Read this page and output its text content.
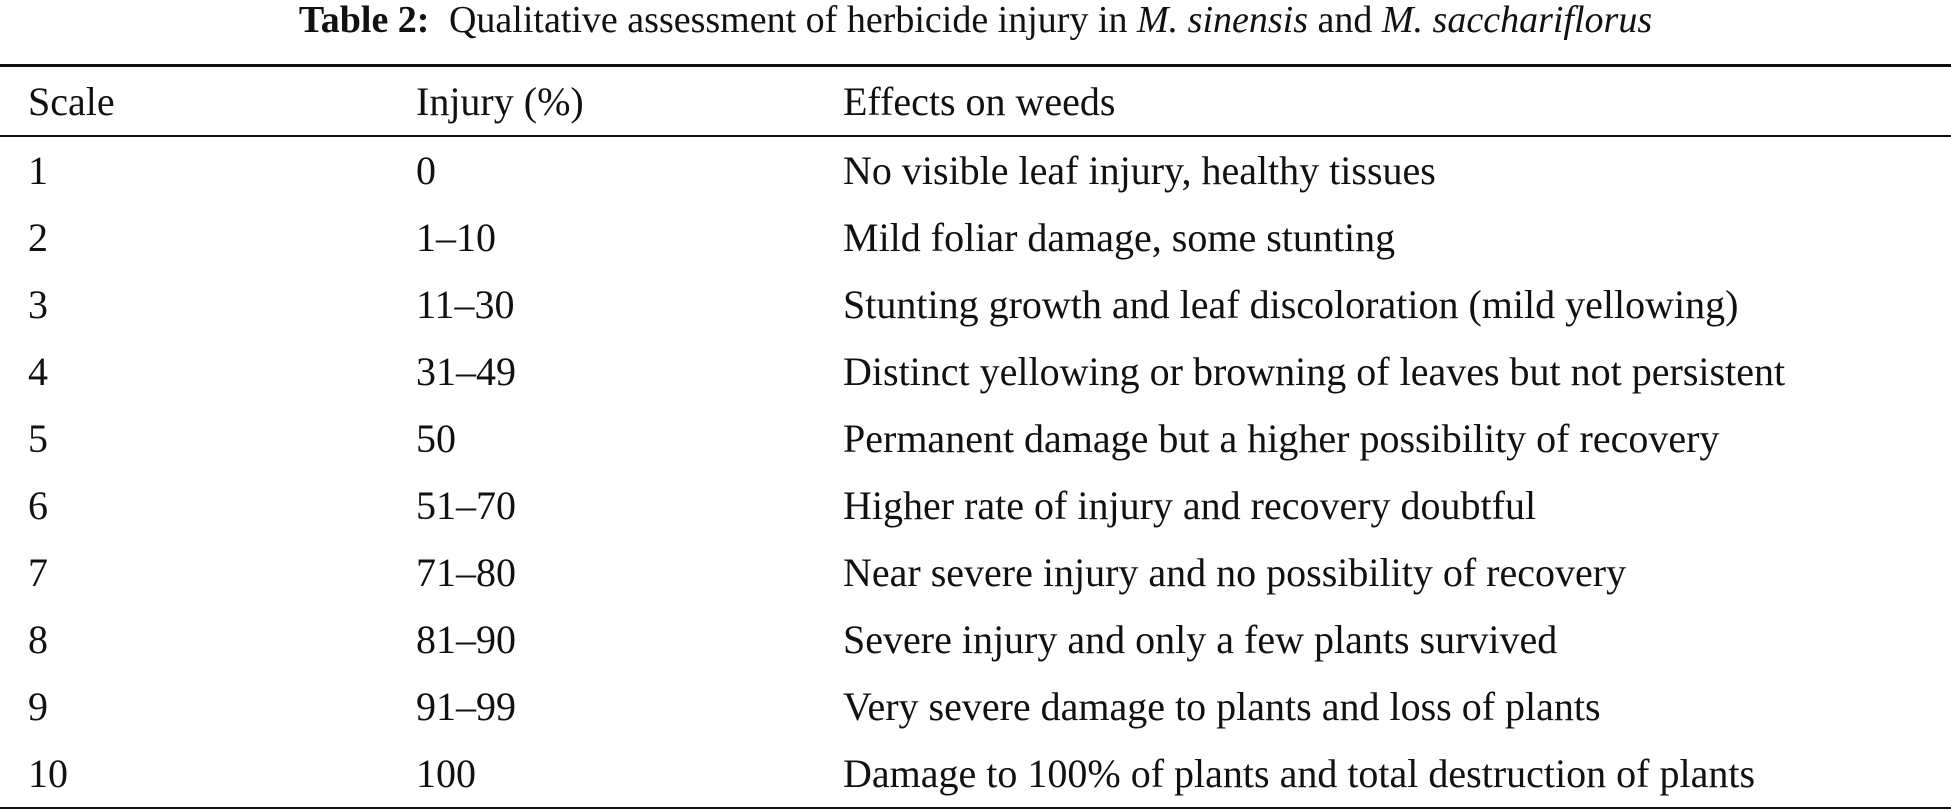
Table 2: Qualitative assessment of herbicide injury in M. sinensis and M. sacchariflorus
Scale	Injury (%)	Effects on weeds
1	0	No visible leaf injury, healthy tissues
2	1–10	Mild foliar damage, some stunting
3	11–30	Stunting growth and leaf discoloration (mild yellowing)
4	31–49	Distinct yellowing or browning of leaves but not persistent
5	50	Permanent damage but a higher possibility of recovery
6	51–70	Higher rate of injury and recovery doubtful
7	71–80	Near severe injury and no possibility of recovery
8	81–90	Severe injury and only a few plants survived
9	91–99	Very severe damage to plants and loss of plants
10	100	Damage to 100% of plants and total destruction of plants
